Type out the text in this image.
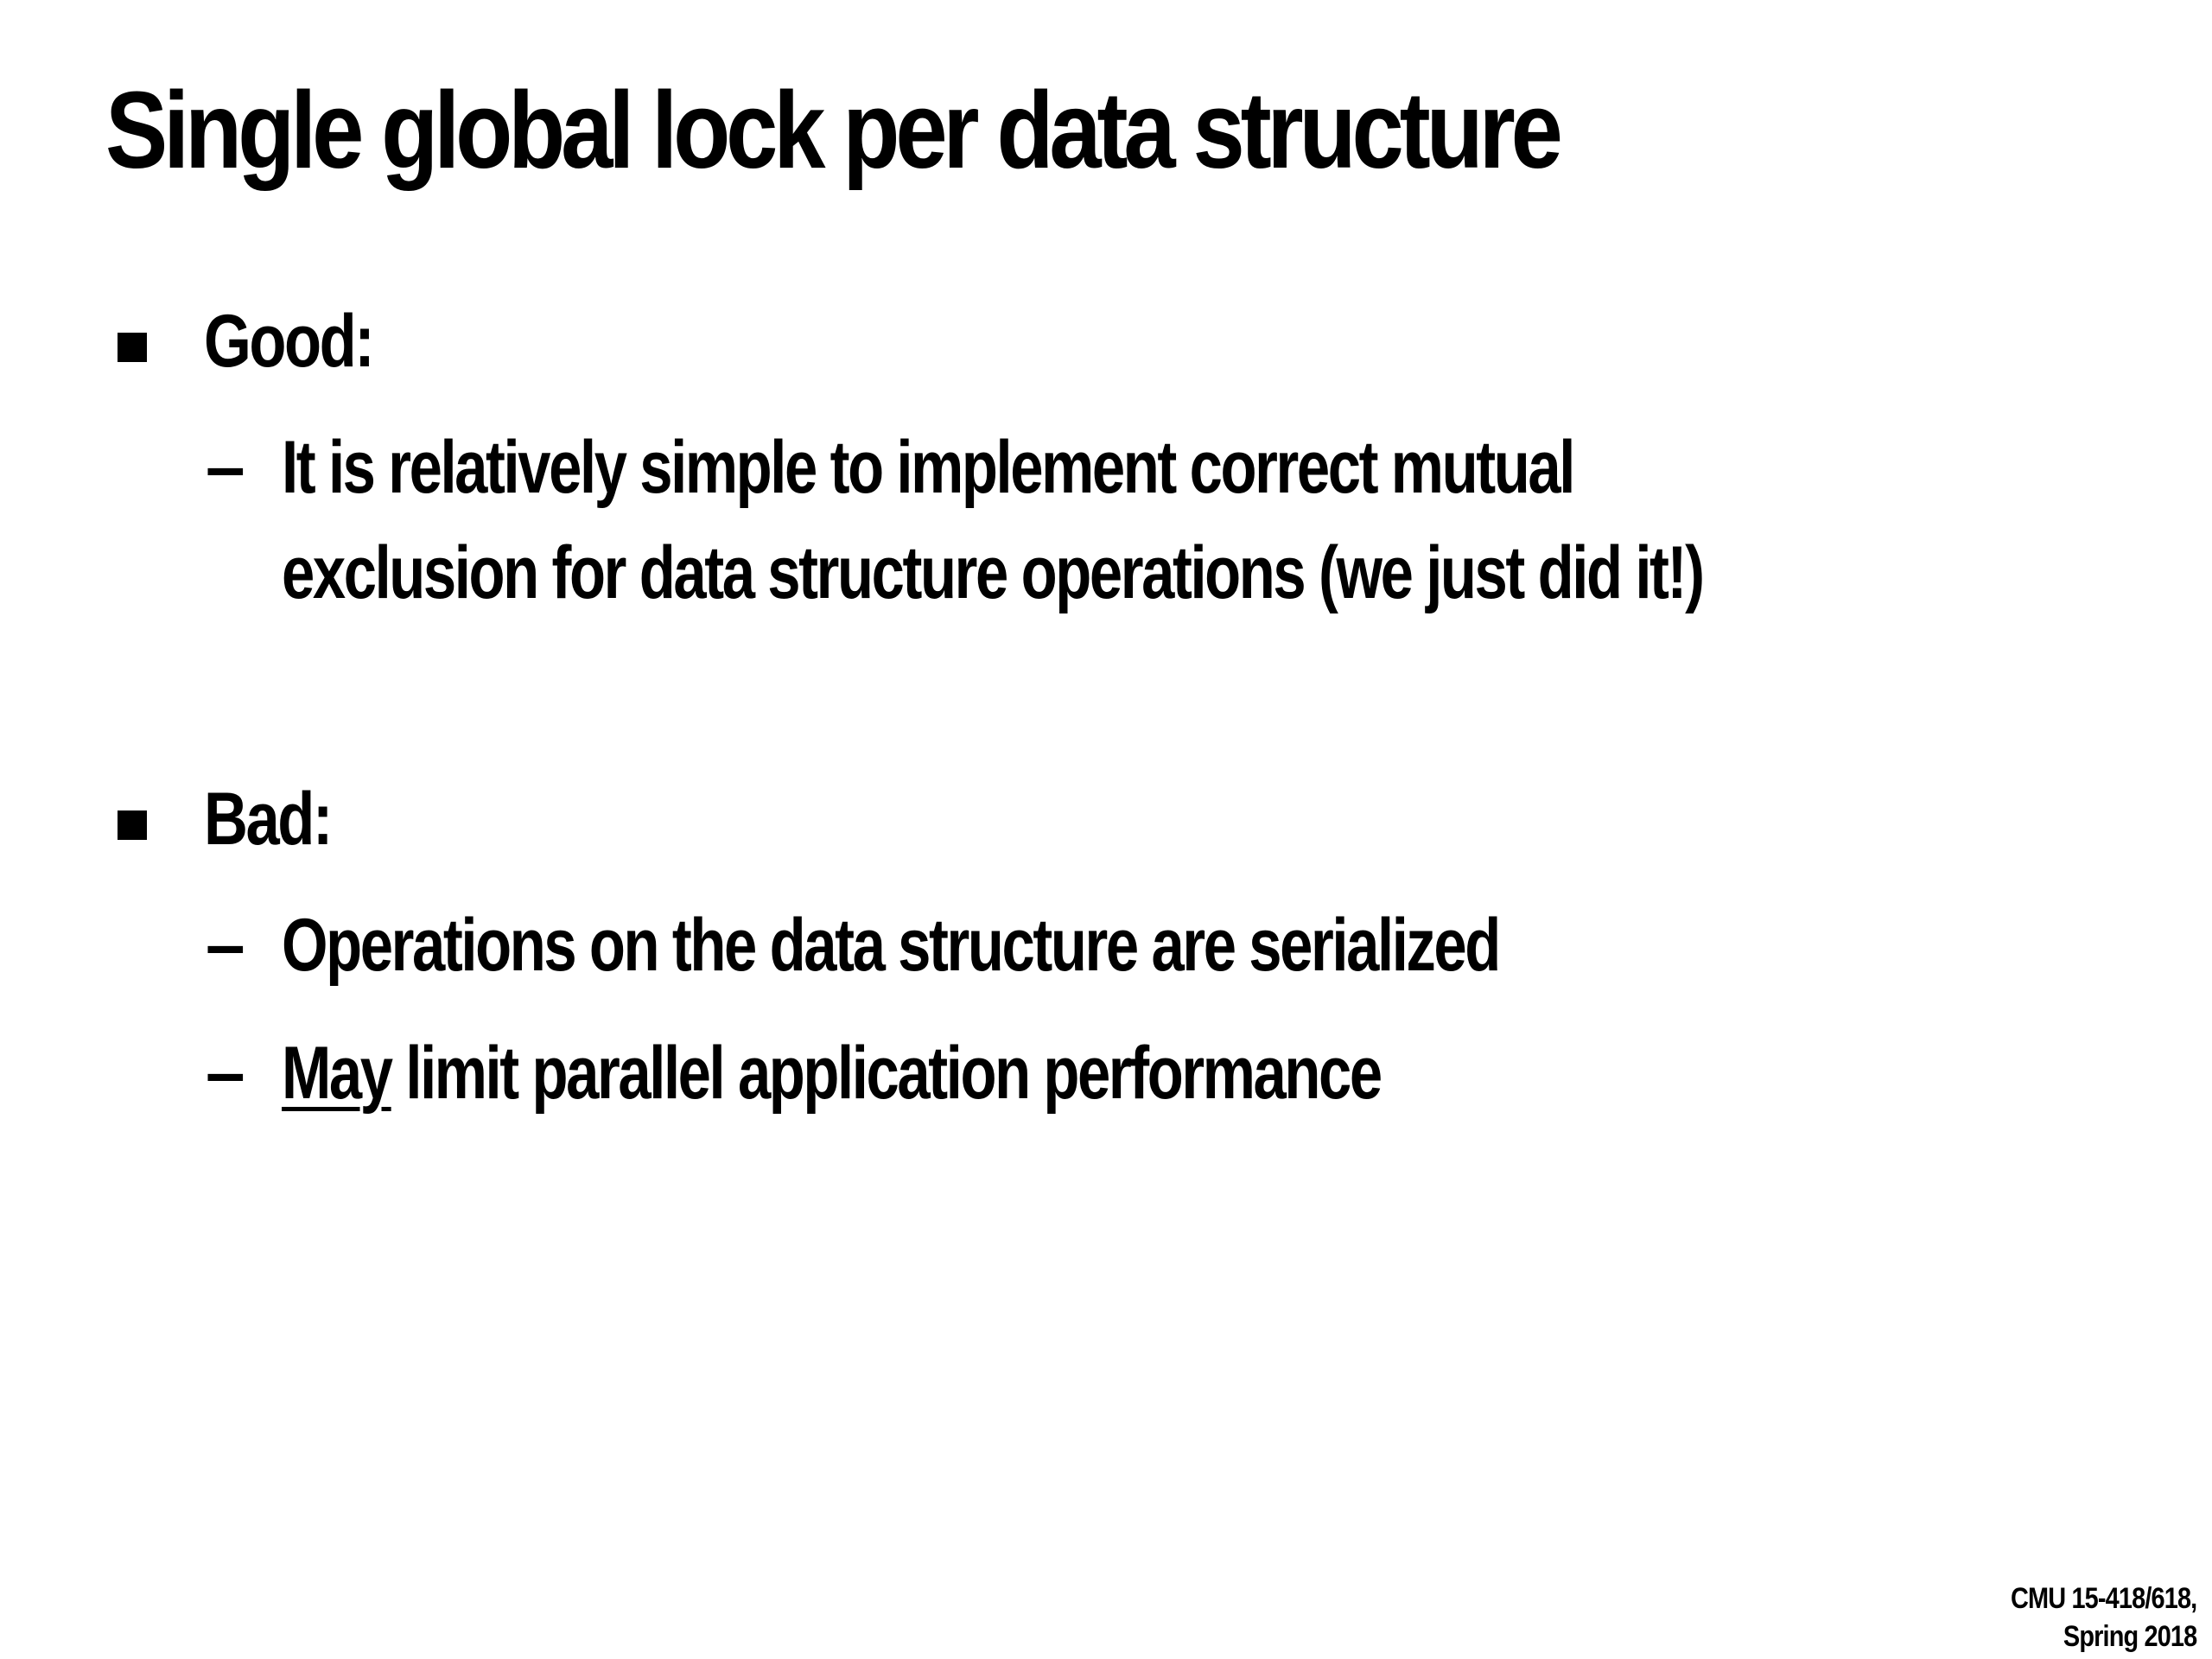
Single global lock per data structure

Good:

– It is relatively simple to implement correct mutual

exclusion for data structure operations (we just did it!)

Bad:

– Operations on the data structure are serialized

– May limit parallel application performance

CMU 15-418/618,
Spring 2018
